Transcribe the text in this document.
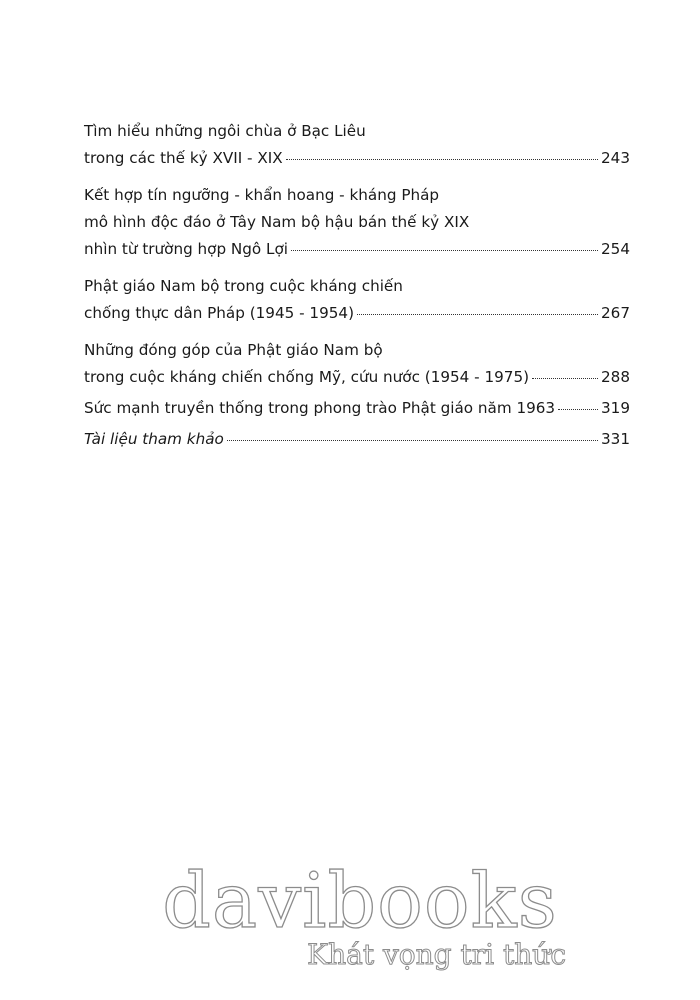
Tìm hiểu những ngôi chùa ở Bạc Liêu
trong các thế kỷ XVII - XIX	243
Kết hợp tín ngưỡng - khẩn hoang - kháng Pháp
mô hình độc đáo ở Tây Nam bộ hậu bán thế kỷ XIX
nhìn từ trường hợp Ngô Lợi	254
Phật giáo Nam bộ trong cuộc kháng chiến
chống thực dân Pháp (1945 - 1954)	267
Những đóng góp của Phật giáo Nam bộ
trong cuộc kháng chiến chống Mỹ, cứu nước (1954 - 1975)	288
Sức mạnh truyền thống trong phong trào Phật giáo năm 1963	319
Tài liệu tham khảo	331
davibooks
Khát vọng tri thức
